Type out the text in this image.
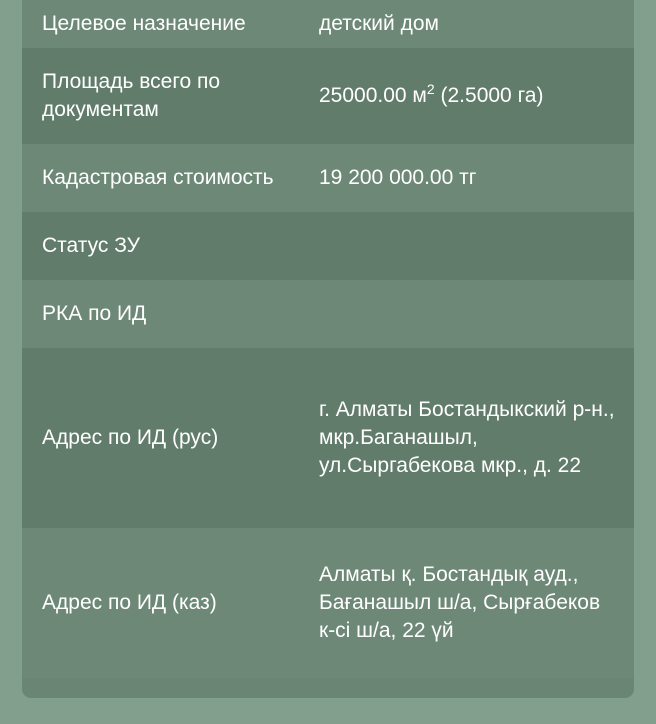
Целевое назначение	детский дом
Площадь всего по документам	25000.00 $м^2$ (2.5000 га)
Кадастровая стоимость	19 200 000.00 тг
Статус ЗУ	
РКА по ИД	
Адрес по ИД (рус)	г. Алматы Бостандыкский р-н., мкр.Баганашыл, ул.Сыргабекова мкр., д. 22
Адрес по ИД (каз)	Алматы қ. Бостандық ауд., Бағанашыл ш/а, Сырғабеков к-сі ш/а, 22 үй
